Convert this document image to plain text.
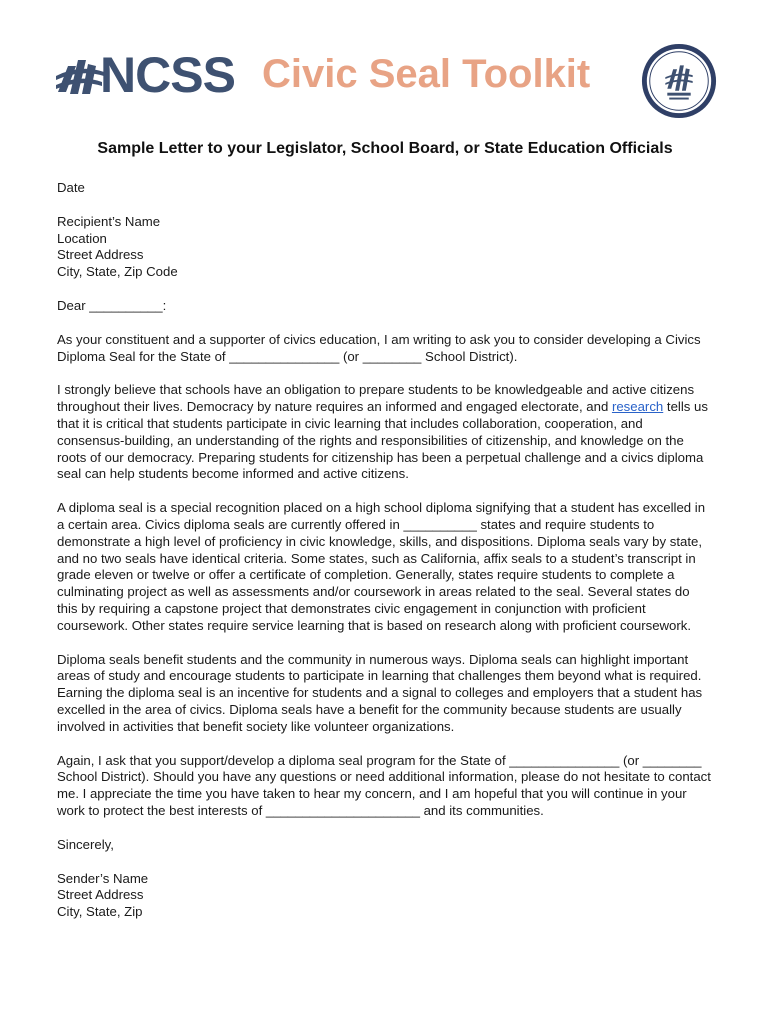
NCSS Civic Seal Toolkit
Sample Letter to your Legislator, School Board, or State Education Officials

Date

Recipient’s Name
Location
Street Address
City, State, Zip Code

Dear __________:

As your constituent and a supporter of civics education, I am writing to ask you to consider developing a Civics Diploma Seal for the State of _______________ (or ________ School District).

I strongly believe that schools have an obligation to prepare students to be knowledgeable and active citizens throughout their lives. Democracy by nature requires an informed and engaged electorate, and research tells us that it is critical that students participate in civic learning that includes collaboration, cooperation, and consensus-building, an understanding of the rights and responsibilities of citizenship, and knowledge on the roots of our democracy. Preparing students for citizenship has been a perpetual challenge and a civics diploma seal can help students become informed and active citizens.

A diploma seal is a special recognition placed on a high school diploma signifying that a student has excelled in a certain area. Civics diploma seals are currently offered in __________ states and require students to demonstrate a high level of proficiency in civic knowledge, skills, and dispositions. Diploma seals vary by state, and no two seals have identical criteria. Some states, such as California, affix seals to a student’s transcript in grade eleven or twelve or offer a certificate of completion. Generally, states require students to complete a culminating project as well as assessments and/or coursework in areas related to the seal. Several states do this by requiring a capstone project that demonstrates civic engagement in conjunction with proficient coursework. Other states require service learning that is based on research along with proficient coursework.

Diploma seals benefit students and the community in numerous ways. Diploma seals can highlight important areas of study and encourage students to participate in learning that challenges them beyond what is required. Earning the diploma seal is an incentive for students and a signal to colleges and employers that a student has excelled in the area of civics. Diploma seals have a benefit for the community because students are usually involved in activities that benefit society like volunteer organizations.

Again, I ask that you support/develop a diploma seal program for the State of _______________ (or ________ School District). Should you have any questions or need additional information, please do not hesitate to contact me. I appreciate the time you have taken to hear my concern, and I am hopeful that you will continue in your work to protect the best interests of _____________________ and its communities.

Sincerely,

Sender’s Name
Street Address
City, State, Zip
